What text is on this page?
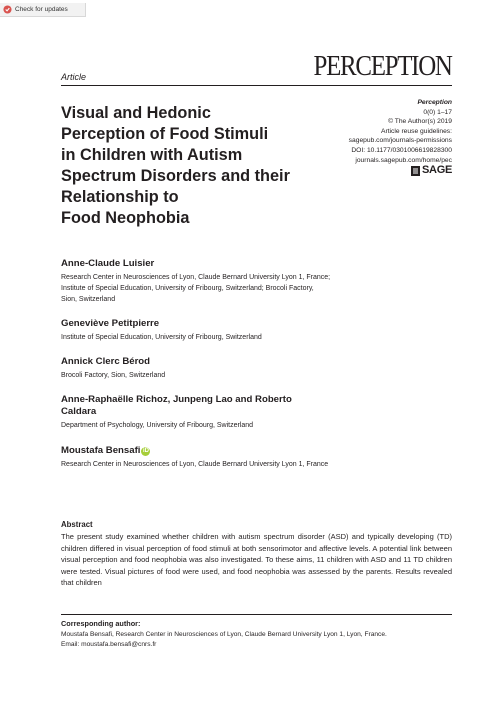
Check for updates
Article	PERCEPTION
Visual and Hedonic
Perception of Food Stimuli
in Children with Autism
Spectrum Disorders and their
Relationship to
Food Neophobia
Perception
0(0) 1–17
© The Author(s) 2019
Article reuse guidelines:
sagepub.com/journals-permissions
DOI: 10.1177/0301006619828300
journals.sagepub.com/home/pec
SAGE
Anne-Claude Luisier
Research Center in Neurosciences of Lyon, Claude Bernard University Lyon 1, France; Institute of Special Education, University of Fribourg, Switzerland; Brocoli Factory, Sion, Switzerland
Geneviève Petitpierre
Institute of Special Education, University of Fribourg, Switzerland
Annick Clerc Bérod
Brocoli Factory, Sion, Switzerland
Anne-Raphaëlle Richoz, Junpeng Lao and Roberto Caldara
Department of Psychology, University of Fribourg, Switzerland
Moustafa Bensafi iD
Research Center in Neurosciences of Lyon, Claude Bernard University Lyon 1, France
Abstract
The present study examined whether children with autism spectrum disorder (ASD) and typically developing (TD) children differed in visual perception of food stimuli at both sensorimotor and affective levels. A potential link between visual perception and food neophobia was also investigated. To these aims, 11 children with ASD and 11 TD children were tested. Visual pictures of food were used, and food neophobia was assessed by the parents. Results revealed that children
Corresponding author:
Moustafa Bensafi, Research Center in Neurosciences of Lyon, Claude Bernard University Lyon 1, Lyon, France.
Email: moustafa.bensafi@cnrs.fr
